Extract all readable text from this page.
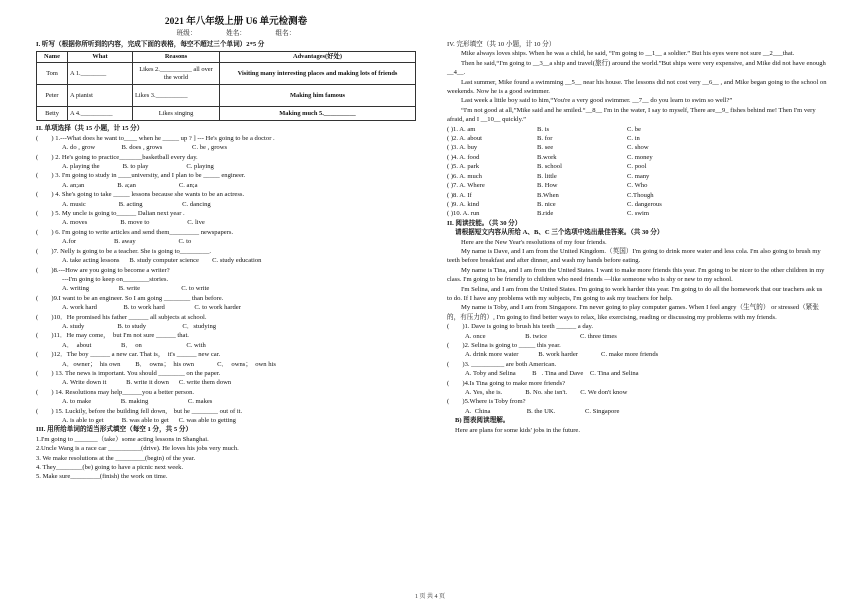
2021 年八年级上册 U6 单元检测卷
班级：                  姓名：                  组名：
I. 听写（根据你所听到的内容，完成下面的表格，每空不超过三个单词）2*5 分
Name	What	Reasons	Advantages(好处)
Tom	A 1.________	Likes 2.__________ all over the world	Visiting many interesting places and making lots of friends
Peter	A pianist	Likes 3.__________	Making him famous
Betty	A 4.__________	Likes singing	Making much 5.__________
II. 单项选择（共 15 小题，计 15 分）
(        ) 1.---What does he want to____ when he _____ up ? ] --- He's going to be a doctor .
A. do , grow                B. does , grows                  C. be , grows
(        ) 2. He's going to practice_______basketball every day.
A. playing the              B. to play                       C. playing
(        ) 3. I'm going to study in ____university, and I plan to be _____ engineer.
A. an;an                    B. a;an                          C. an;a
(        ) 4. She's going to take _____ lessons because she wants to be an actress.
A. music                    B. acting                        C. dancing
(        ) 5. My uncle is going to______ Dalian next year .
A. moves                    B. move to                       C. live
(        ) 6. I'm going to write articles and send them_________ newspapers.
A.for                       B. away                          C. to
(        )7. Nelly is going to be a teacher. She is going to_________.
A. take acting lessons      B. study computer science        C. study education
(        )8.---How are you going to become a writer?
---I'm going to keep on________stories.
A. writing                  B. write                         C. to write
(        )9.I want to be an engineer. So I am going ________ than before.
A. work hard                B. to work hard                  C. to work harder
(        )10．He promised his father ______ all subjects at school.
A. study                    B. to study                      C．studying
(        )11．He may come，  but I'm not sure ______ that.
A．  about                  B．  on                           C. with
(        )12．The boy ______ a new car. That is，  it's ______ new car.
A．owner；  his own         B．  owns；  his own              C．  owns；  own his
(        ) 13. The news is important. You should ________ on the paper.
A. Write down it            B. write it down      C. write them down
(        ) 14. Resolutions may help______you a better person.
A. to make                  B. making                        C. makes
(        ) 15. Luckily, before the building fell down,    but he ________ out of it.
A. is able to get           B. was able to get      C. was able to getting
III. 用所给单词的适当形式填空（每空 1 分，共 5 分）
1.I'm going to _______（take）some acting lessons in Shanghai.
2.Uncle Wang is a race car __________(drive). He loves his jobs very much.
3. We make resolutions at the _________(begin) of the year.
4. They________(be) going to have a picnic next week.
5. Make sure_________(finish) the work on time.
IV. 完形填空（共 10 小题，计 10 分）
Mike always loves ships. When he was a child, he said, “I'm going to __1__ a soldier.” But his eyes were not sure __2___that.
Then he said,“I'm going to __3__a ship and travel(旅行) around the world.”But ships were very expensive, and Mike did not have enough __4__.
Last summer, Mike found a swimming __5__ near his house. The lessons did not cost very __6__ , and Mike began going to the school on weekends. Now he is a good swimmer.
Last week a little boy said to him,“You're a very good swimmer. __7__ do you learn to swim so well?”
“I'm not good at all,”Mike said and he smiled.“__8__ I'm in the water, I say to myself, There are__9_ fishes behind me! Then I'm very afraid, and I __10__ quickly.”
( )1. A. am	B. is	C. be
( )2. A. about	B. for	C. in
( )3. A. buy	B. see	C. show
( )4. A. food	B.work	C. money
( )5. A. park	B. school	C. pool
( )6. A. much	B. little	C. many
( )7. A. Where	B. How	C. Who
( )8. A. If	B.When	C.Though
( )9. A. kind	B. nice	C. dangerous
( )10. A. run	B.ride	C. swim
II. 阅读技能。（共 30 分）
请根据短文内容从所给 A、B、C 三个选项中选出最佳答案。（共 30 分）
Here are the New Year's resolutions of my four friends.
My name is Dave, and I am from the United Kingdom.（英国）I'm going to drink more water and less cola. I'm also going to brush my teeth before breakfast and after dinner, and wash my hands before eating.
My name is Tina, and I am from the United States. I want to make more friends this year. I'm going to be nicer to the other children in my class. I'm going to be friendly to children who need friends —like someone who is shy or new to my school.
I'm Selina, and I am from the United States. I'm going to work harder this year. I'm going to do all the homework that our teachers ask us to do. If I have any problems with my subjects, I'm going to ask my teachers for help.
My name is Toby, and I am from Singapore. I'm never going to play computer games. When I feel angry（生气的） or stressed（紧张的，有压力的）, I'm going to find better ways to relax, like exercising, reading or discussing my problems with my friends.
(        )1. Dave is going to brush his teeth ______ a day.
A. once                        B. twice                    C. three times
(        )2. Selina is going to _____ this year.
A. drink more water            B. work harder              C. make more friends
(        )3. __________ are both American.
A. Toby and Selina          B   . Tina and Dave    C. Tina and Selina
(        )4.Is Tina going to make more friends?
A. Yes, she is.              B. No. she isn't.        C. We don't know
(        )5.Where is Toby from?
A.  China                      B. the UK.                  C. Singapore
B) 图表阅读理解。
Here are plans for some kids' jobs in the future.
1 页 共 4 页
